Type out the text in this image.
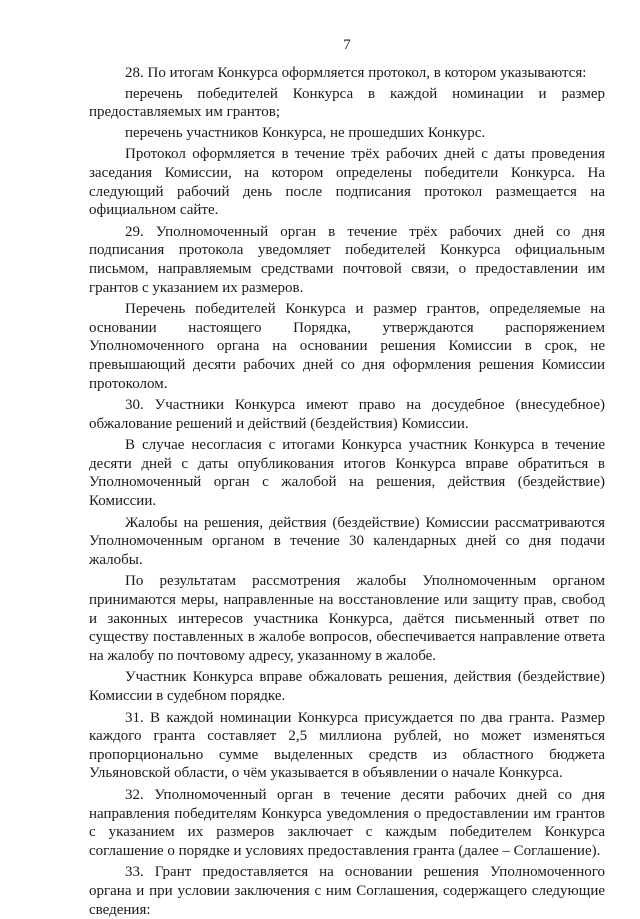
7

28. По итогам Конкурса оформляется протокол, в котором указываются:

перечень победителей Конкурса в каждой номинации и размер предоставляемых им грантов;

перечень участников Конкурса, не прошедших Конкурс.

Протокол оформляется в течение трёх рабочих дней с даты проведения заседания Комиссии, на котором определены победители Конкурса. На следующий рабочий день после подписания протокол размещается на официальном сайте.

29. Уполномоченный орган в течение трёх рабочих дней со дня подписания протокола уведомляет победителей Конкурса официальным письмом, направляемым средствами почтовой связи, о предоставлении им грантов с указанием их размеров.

Перечень победителей Конкурса и размер грантов, определяемые на основании настоящего Порядка, утверждаются распоряжением Уполномоченного органа на основании решения Комиссии в срок, не превышающий десяти рабочих дней со дня оформления решения Комиссии протоколом.

30. Участники Конкурса имеют право на досудебное (внесудебное) обжалование решений и действий (бездействия) Комиссии.

В случае несогласия с итогами Конкурса участник Конкурса в течение десяти дней с даты опубликования итогов Конкурса вправе обратиться в Уполномоченный орган с жалобой на решения, действия (бездействие) Комиссии.

Жалобы на решения, действия (бездействие) Комиссии рассматриваются Уполномоченным органом в течение 30 календарных дней со дня подачи жалобы.

По результатам рассмотрения жалобы Уполномоченным органом принимаются меры, направленные на восстановление или защиту прав, свобод и законных интересов участника Конкурса, даётся письменный ответ по существу поставленных в жалобе вопросов, обеспечивается направление ответа на жалобу по почтовому адресу, указанному в жалобе.

Участник Конкурса вправе обжаловать решения, действия (бездействие) Комиссии в судебном порядке.

31. В каждой номинации Конкурса присуждается по два гранта. Размер каждого гранта составляет 2,5 миллиона рублей, но может изменяться пропорционально сумме выделенных средств из областного бюджета Ульяновской области, о чём указывается в объявлении о начале Конкурса.

32. Уполномоченный орган в течение десяти рабочих дней со дня направления победителям Конкурса уведомления о предоставлении им грантов с указанием их размеров заключает с каждым победителем Конкурса соглашение о порядке и условиях предоставления гранта (далее – Соглашение).

33. Грант предоставляется на основании решения Уполномоченного органа и при условии заключения с ним Соглашения, содержащего следующие сведения:
